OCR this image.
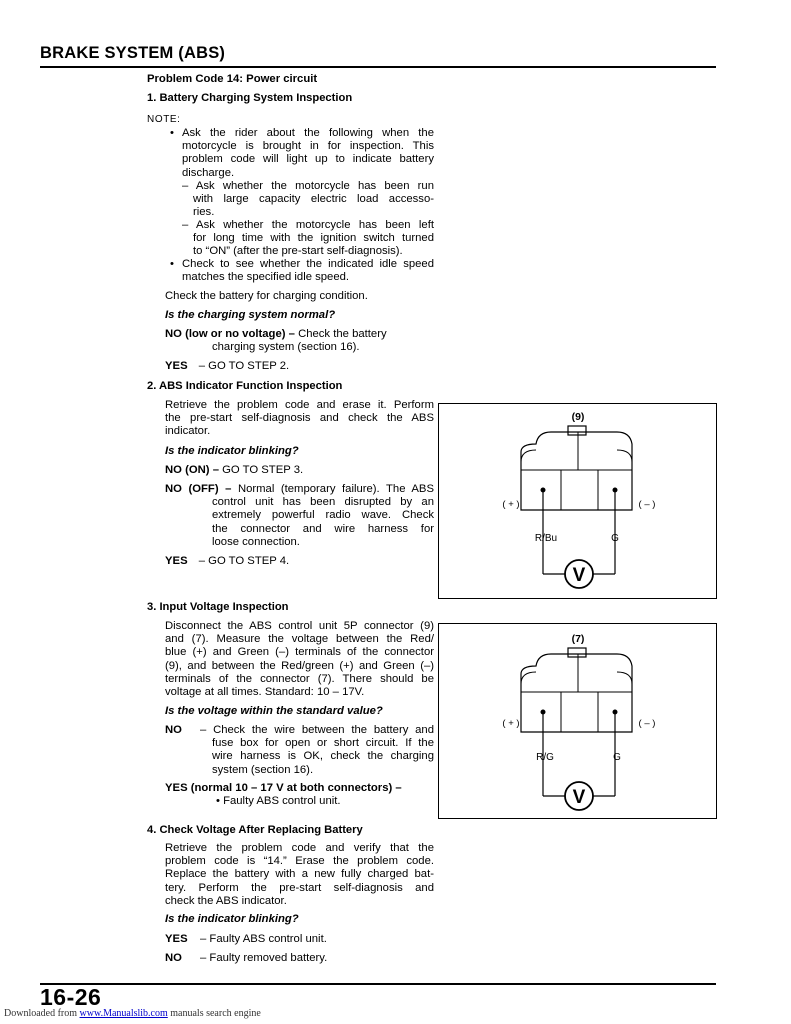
BRAKE SYSTEM (ABS)
Problem Code 14: Power circuit
1. Battery Charging System Inspection
NOTE:
• Ask the rider about the following when the
motorcycle is brought in for inspection. This
problem code will light up to indicate battery
discharge.
– Ask whether the motorcycle has been run
with large capacity electric load accesso-
ries.
– Ask whether the motorcycle has been left
for long time with the ignition switch turned
to “ON” (after the pre-start self-diagnosis).
• Check to see whether the indicated idle speed
matches the specified idle speed.
Check the battery for charging condition.
Is the charging system normal?
NO (low or no voltage) – Check the battery
charging system (section 16).
YES – GO TO STEP 2.
2. ABS Indicator Function Inspection
Retrieve the problem code and erase it. Perform
the pre-start self-diagnosis and check the ABS
indicator.
Is the indicator blinking?
NO (ON) – GO TO STEP 3.
NO (OFF) – Normal (temporary failure). The ABS
control unit has been disrupted by an
extremely powerful radio wave. Check
the connector and wire harness for
loose connection.
YES – GO TO STEP 4.
3. Input Voltage Inspection
Disconnect the ABS control unit 5P connector (9)
and (7). Measure the voltage between the Red/
blue (+) and Green (–) terminals of the connector
(9), and between the Red/green (+) and Green (–)
terminals of the connector (7). There should be
voltage at all times. Standard: 10 – 17V.
Is the voltage within the standard value?
NO	– Check the wire between the battery and
fuse box for open or short circuit. If the
wire harness is OK, check the charging
system (section 16).
YES (normal 10 – 17 V at both connectors) –
• Faulty ABS control unit.
4. Check Voltage After Replacing Battery
Retrieve the problem code and verify that the
problem code is “14.” Erase the problem code.
Replace the battery with a new fully charged bat-
tery. Perform the pre-start self-diagnosis and
check the ABS indicator.
Is the indicator blinking?
YES – Faulty ABS control unit.
NO – Faulty removed battery.
(9)
V
( + )	( – )
R/Bu	G
(7)
V
( + )	( – )
R/G	G
16-26
Downloaded from www.Manualslib.com manuals search engine
